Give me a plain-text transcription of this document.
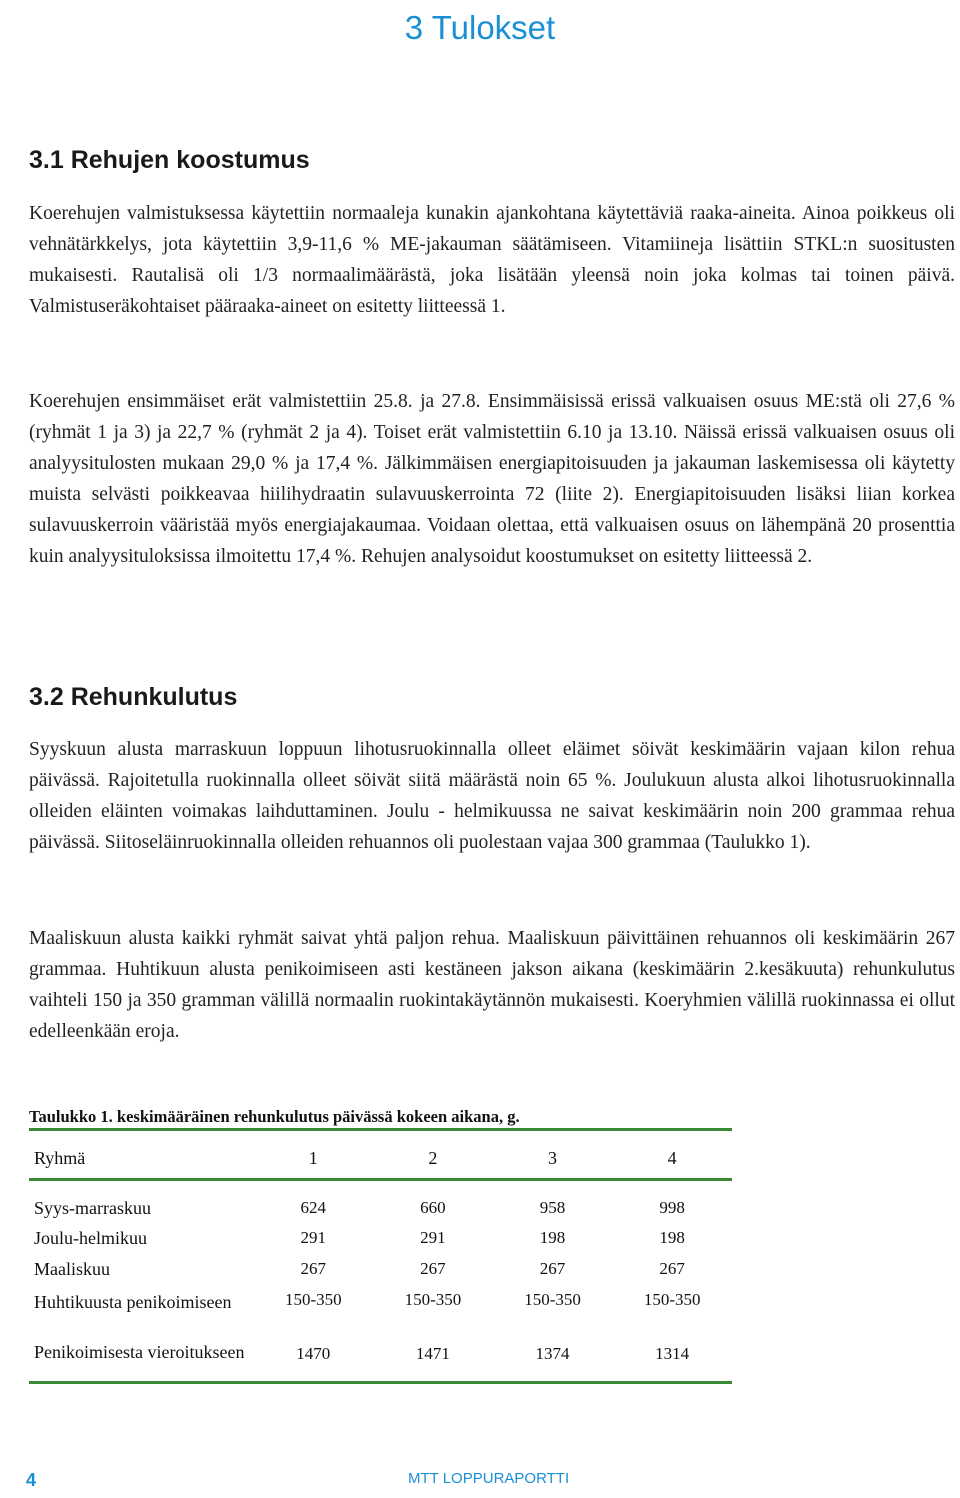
3 Tulokset
3.1 Rehujen koostumus
Koerehujen valmistuksessa käytettiin normaaleja kunakin ajankohtana käytettäviä raaka-aineita. Ainoa poikkeus oli vehnätärkkelys, jota käytettiin 3,9-11,6 % ME-jakauman säätämiseen. Vitamiineja lisättiin STKL:n suositusten mukaisesti. Rautalisä oli 1/3 normaalimäärästä, joka lisätään yleensä noin joka kolmas tai toinen päivä. Valmistuseräkohtaiset pääraaka-aineet on esitetty liitteessä 1.
Koerehujen ensimmäiset erät valmistettiin 25.8. ja 27.8. Ensimmäisissä erissä valkuaisen osuus ME:stä oli 27,6 % (ryhmät 1 ja 3) ja 22,7 % (ryhmät 2 ja 4). Toiset erät valmistettiin 6.10 ja 13.10. Näissä erissä valkuaisen osuus oli analyysitulosten mukaan 29,0 % ja 17,4 %. Jälkimmäisen energiapitoisuuden ja jakauman laskemisessa oli käytetty muista selvästi poikkeavaa hiilihydraatin sulavuuskerrointa 72 (liite 2). Energiapitoisuuden lisäksi liian korkea sulavuuskerroin vääristää myös energiajakaumaa. Voidaan olettaa, että valkuaisen osuus on lähempänä 20 prosenttia kuin analyysituloksissa ilmoitettu 17,4 %. Rehujen analysoidut koostumukset on esitetty liitteessä 2.
3.2 Rehunkulutus
Syyskuun alusta marraskuun loppuun lihotusruokinnalla olleet eläimet söivät keskimäärin vajaan kilon rehua päivässä. Rajoitetulla ruokinnalla olleet söivät siitä määrästä noin 65 %. Joulukuun alusta alkoi lihotusruokinnalla olleiden eläinten voimakas laihduttaminen. Joulu - helmikuussa ne saivat keskimäärin noin 200 grammaa rehua päivässä. Siitoseläinruokinnalla olleiden rehuannos oli puolestaan vajaa 300 grammaa (Taulukko 1).
Maaliskuun alusta kaikki ryhmät saivat yhtä paljon rehua. Maaliskuun päivittäinen rehuannos oli keskimäärin 267 grammaa. Huhtikuun alusta penikoimiseen asti kestäneen jakson aikana (keskimäärin 2.kesäkuuta) rehunkulutus vaihteli 150 ja 350 gramman välillä normaalin ruokintakäytännön mukaisesti. Koeryhmien välillä ruokinnassa ei ollut edelleenkään eroja.
Taulukko 1. keskimääräinen rehunkulutus päivässä kokeen aikana, g.
Ryhmä	1	2	3	4

Syys-marraskuu	624	660	958	998
Joulu-helmikuu	291	291	198	198
Maaliskuu	267	267	267	267
Huhtikuusta penikoimiseen	150-350	150-350	150-350	150-350
Penikoimisesta vieroitukseen	1470	1471	1374	1314
4	MTT LOPPURAPORTTI
